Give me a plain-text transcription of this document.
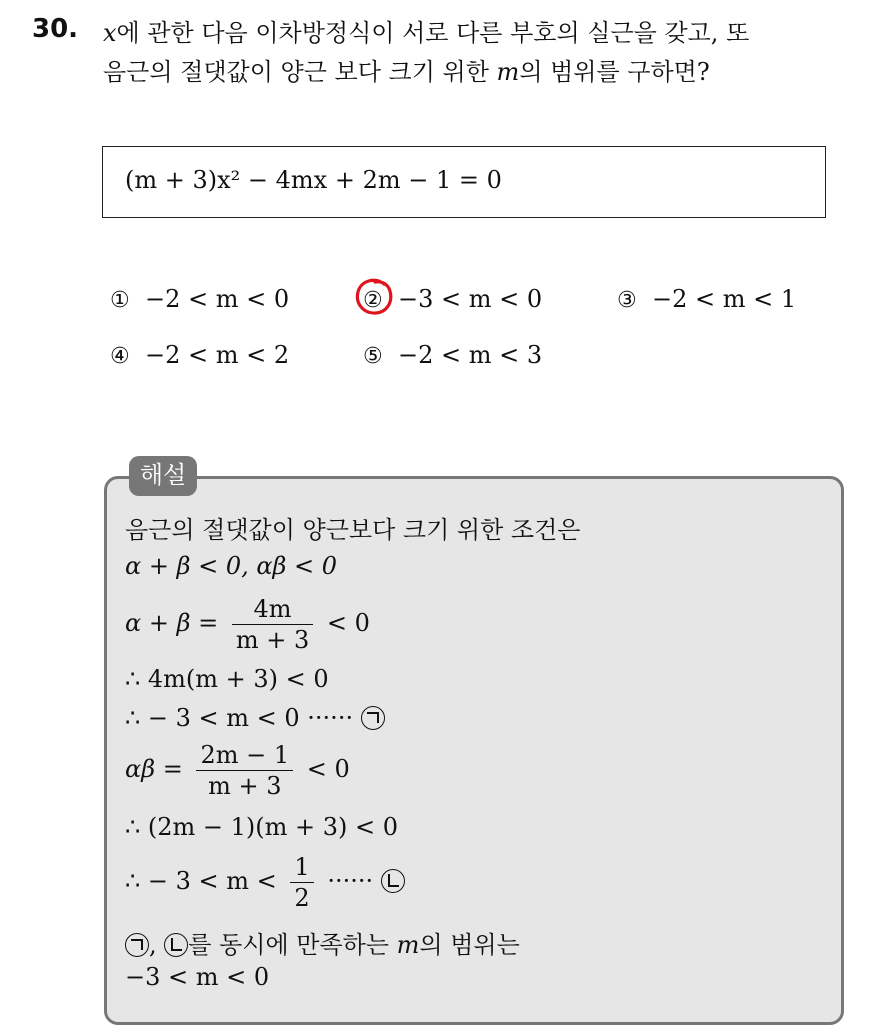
30. x에 관한 다음 이차방정식이 서로 다른 부호의 실근을 갖고, 또
음근의 절댓값이 양근 보다 크기 위한 m의 범위를 구하면?
(m + 3)x² − 4mx + 2m − 1 = 0
① −2 < m < 0	② −3 < m < 0	③ −2 < m < 1
④ −2 < m < 2	⑤ −2 < m < 3
해설
음근의 절댓값이 양근보다 크기 위한 조건은
α + β < 0, αβ < 0
$\alpha + \beta = \frac{4m}{m + 3} < 0$
∴ 4m(m + 3) < 0
∴ − 3 < m < 0 ······
$\alpha\beta = \frac{2m - 1}{m + 3} < 0$
∴ (2m − 1)(m + 3) < 0
∴ − $3 < m < \frac{1}{2}$ ······
,
를 동시에 만족하는 m의 범위는
−3 < m < 0
